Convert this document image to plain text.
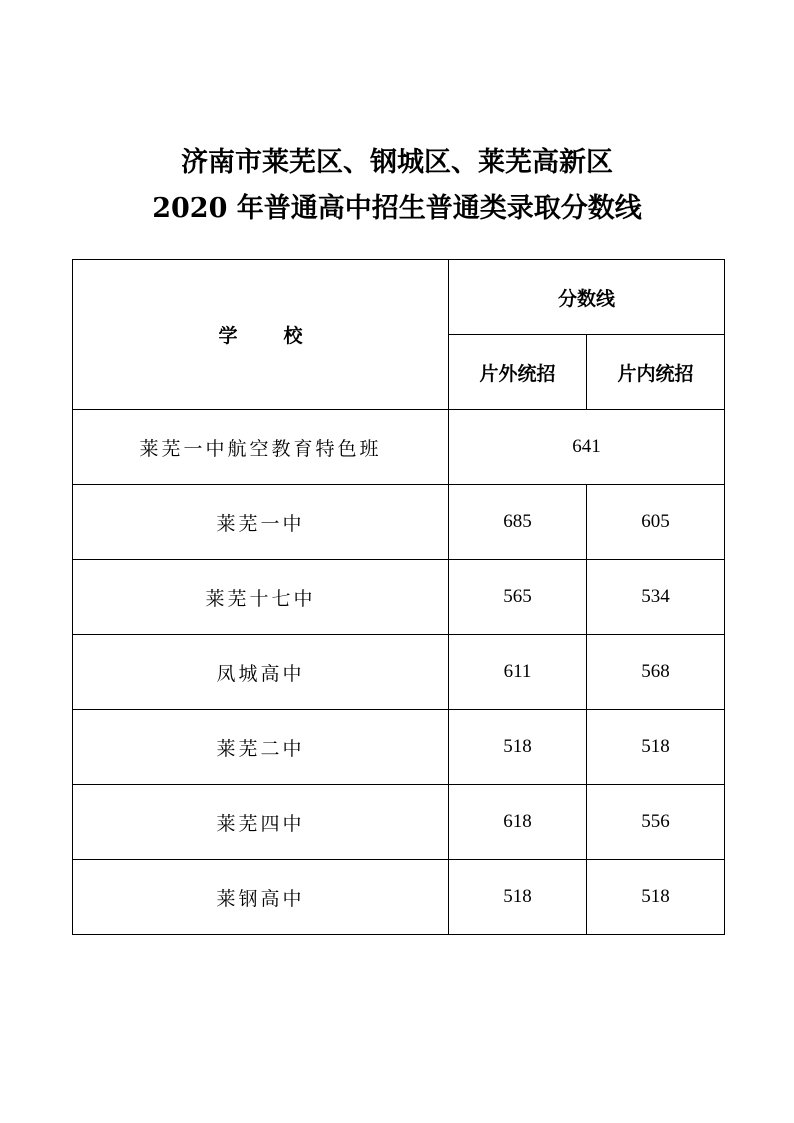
济南市莱芜区、钢城区、莱芜高新区
2020 年普通高中招生普通类录取分数线
学校	分数线	
	片外统招	片内统招
莱芜一中航空教育特色班	641	
莱芜一中	685	605
莱芜十七中	565	534
凤城高中	611	568
莱芜二中	518	518
莱芜四中	618	556
莱钢高中	518	518
